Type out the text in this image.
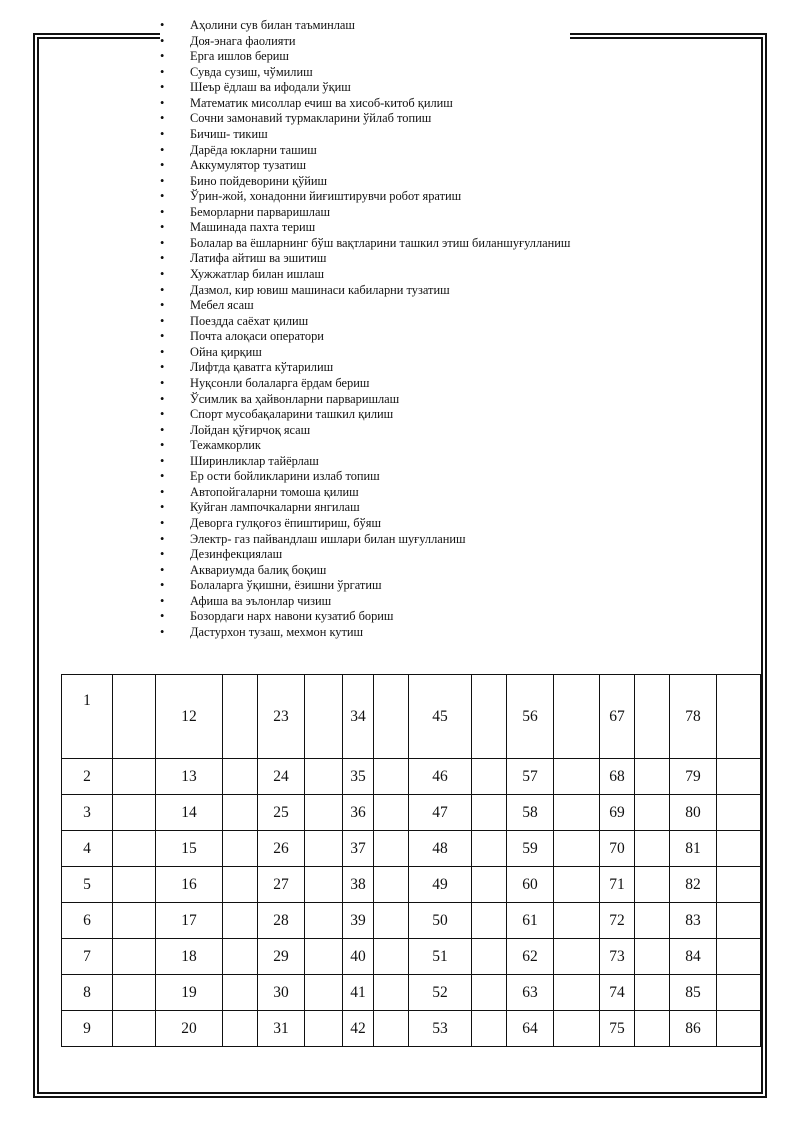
• Аҳолини сув билан таъминлаш
• Доя-энага фаолияти
• Ерга ишлов бериш
• Сувда сузиш, чўмилиш
• Шеър ёдлаш ва ифодали ўқиш
• Математик мисоллар ечиш ва хисоб-китоб қилиш
• Сочни замонавий турмакларини ўйлаб топиш
• Бичиш- тикиш
• Дарёда юкларни ташиш
• Аккумулятор тузатиш
• Бино пойдеворини қўйиш
• Ўрин-жой, хонадонни йиғиштирувчи робот яратиш
• Беморларни парваришлаш
• Машинада пахта териш
• Болалар ва ёшларнинг бўш вақтларини ташкил этиш биланшуғулланиш
• Латифа айтиш ва эшитиш
• Хужжатлар билан ишлаш
• Дазмол, кир ювиш машинаси кабиларни тузатиш
• Мебел ясаш
• Поездда саёхат қилиш
• Почта алоқаси оператори
• Ойна қирқиш
• Лифтда қаватга кўтарилиш
• Нуқсонли болаларга ёрдам бериш
• Ўсимлик ва ҳайвонларни парваришлаш
• Спорт мусобақаларини ташкил қилиш
• Лойдан қўғирчоқ ясаш
• Тежамкорлик
• Ширинликлар тайёрлаш
• Ер ости бойликларини излаб топиш
• Автопойгаларни томоша қилиш
• Куйган лампочкаларни янгилаш
• Деворга гулқоғоз ёпиштириш, бўяш
• Электр- газ пайвандлаш ишлари билан шуғулланиш
• Дезинфекциялаш
• Аквариумда балиқ боқиш
• Болаларга ўқишни, ёзишни ўргатиш
• Афиша ва эълонлар чизиш
• Бозордаги нарх навони кузатиб бориш
• Дастурхон тузаш, мехмон кутиш
1		12		23		34		45		56		67		78	
2		13		24		35		46		57		68		79	
3		14		25		36		47		58		69		80	
4		15		26		37		48		59		70		81	
5		16		27		38		49		60		71		82	
6		17		28		39		50		61		72		83	
7		18		29		40		51		62		73		84	
8		19		30		41		52		63		74		85	
9		20		31		42		53		64		75		86	
